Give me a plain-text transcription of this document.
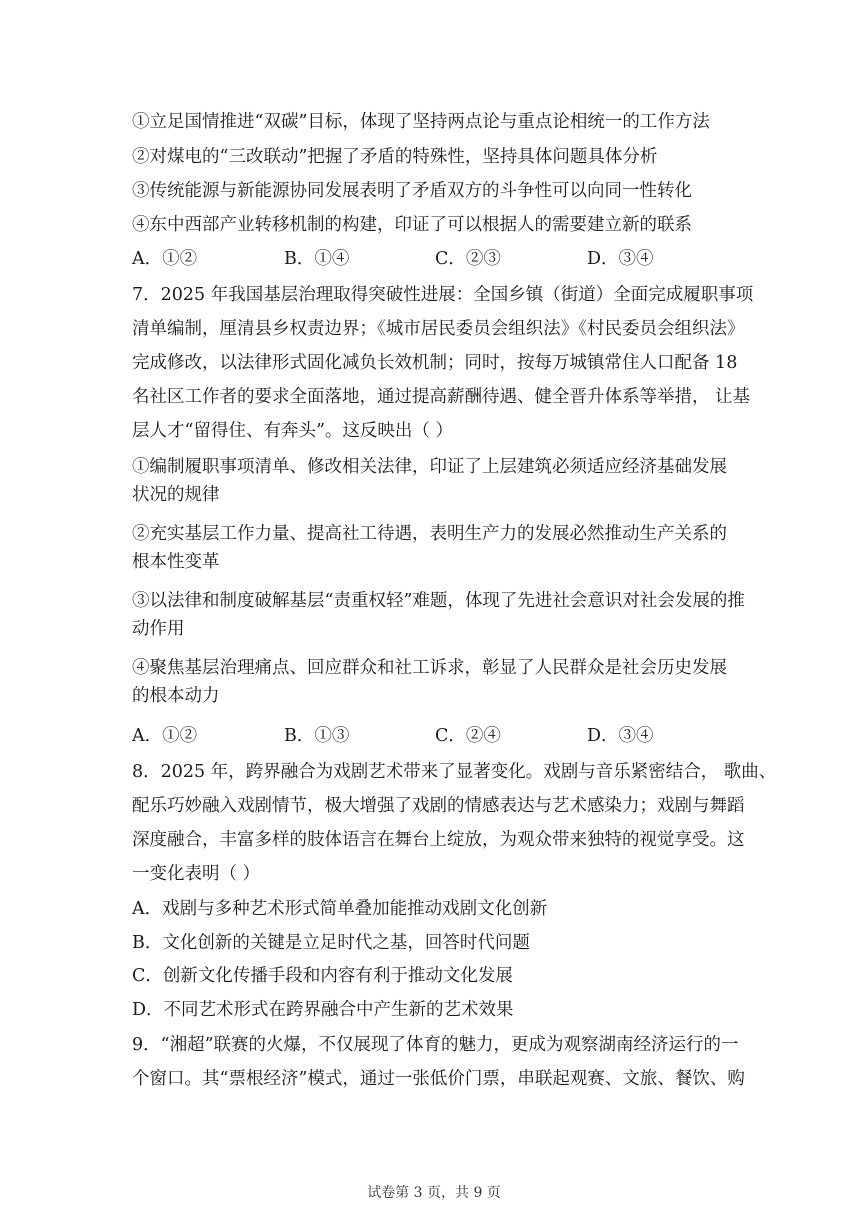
①立足国情推进“双碳”目标，体现了坚持两点论与重点论相统一的工作方法
②对煤电的“三改联动”把握了矛盾的特殊性，坚持具体问题具体分析
③传统能源与新能源协同发展表明了矛盾双方的斗争性可以向同一性转化
④东中西部产业转移机制的构建，印证了可以根据人的需要建立新的联系
A．①②	B．①④	C．②③	D．③④
7．2025 年我国基层治理取得突破性进展：全国乡镇（街道）全面完成履职事项
清单编制，厘清县乡权责边界；《城市居民委员会组织法》《村民委员会组织法》
完成修改，以法律形式固化减负长效机制；同时，按每万城镇常住人口配备 18
名社区工作者的要求全面落地，通过提高薪酬待遇、健全晋升体系等举措， 让基
层人才“留得住、有奔头”。这反映出（ ）
①编制履职事项清单、修改相关法律，印证了上层建筑必须适应经济基础发展
状况的规律
②充实基层工作力量、提高社工待遇，表明生产力的发展必然推动生产关系的
根本性变革
③以法律和制度破解基层“责重权轻”难题，体现了先进社会意识对社会发展的推
动作用
④聚焦基层治理痛点、回应群众和社工诉求，彰显了人民群众是社会历史发展
的根本动力
A．①②	B．①③	C．②④	D．③④
8．2025 年，跨界融合为戏剧艺术带来了显著变化。戏剧与音乐紧密结合， 歌曲、
配乐巧妙融入戏剧情节，极大增强了戏剧的情感表达与艺术感染力；戏剧与舞蹈
深度融合，丰富多样的肢体语言在舞台上绽放，为观众带来独特的视觉享受。这
一变化表明（ ）
A．戏剧与多种艺术形式简单叠加能推动戏剧文化创新
B．文化创新的关键是立足时代之基，回答时代问题
C．创新文化传播手段和内容有利于推动文化发展
D．不同艺术形式在跨界融合中产生新的艺术效果
9．“湘超”联赛的火爆，不仅展现了体育的魅力，更成为观察湖南经济运行的一
个窗口。其“票根经济”模式，通过一张低价门票，串联起观赛、文旅、餐饮、购
试卷第 3 页，共 9 页
